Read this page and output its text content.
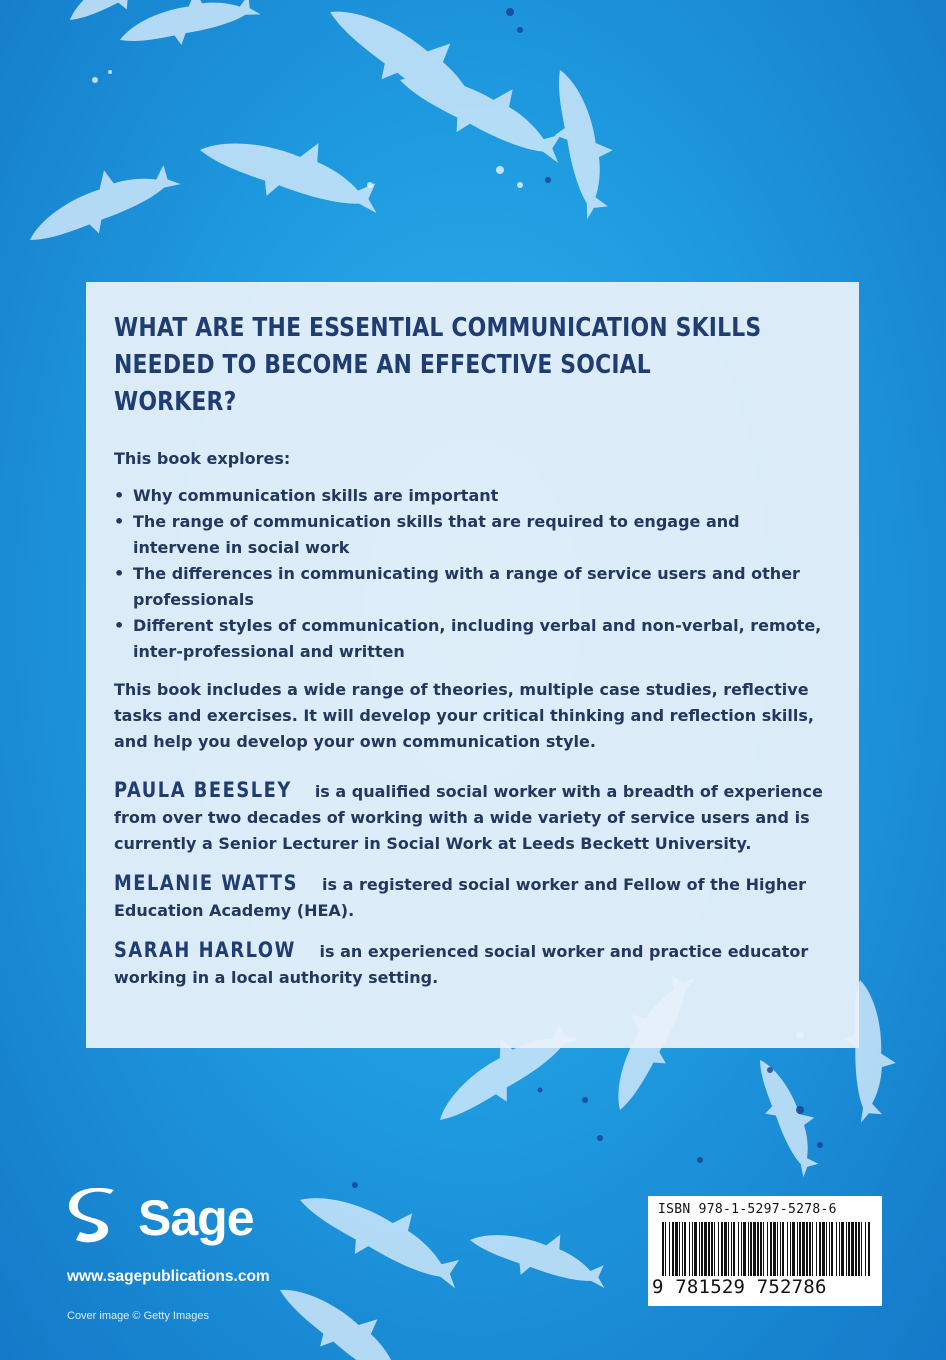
WHAT ARE THE ESSENTIAL COMMUNICATION SKILLS NEEDED TO BECOME AN EFFECTIVE SOCIAL WORKER?

This book explores:

• Why communication skills are important
• The range of communication skills that are required to engage and intervene in social work
• The differences in communicating with a range of service users and other professionals
• Different styles of communication, including verbal and non-verbal, remote, inter-professional and written

This book includes a wide range of theories, multiple case studies, reflective tasks and exercises. It will develop your critical thinking and reflection skills, and help you develop your own communication style.

PAULA BEESLEY is a qualified social worker with a breadth of experience from over two decades of working with a wide variety of service users and is currently a Senior Lecturer in Social Work at Leeds Beckett University.

MELANIE WATTS is a registered social worker and Fellow of the Higher Education Academy (HEA).

SARAH HARLOW is an experienced social worker and practice educator working in a local authority setting.

Sage
www.sagepublications.com
Cover image © Getty Images
ISBN 978-1-5297-5278-6
9 781529 752786
